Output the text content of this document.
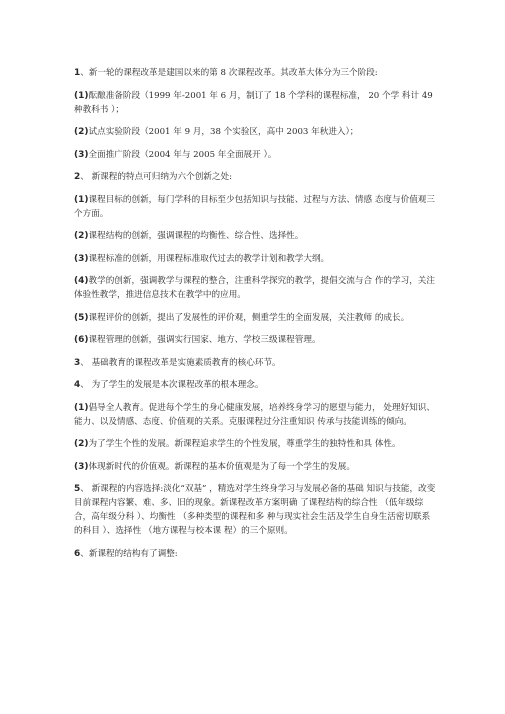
1、新一轮的课程改革是建国以来的第 8 次课程改革。其改革大体分为三个阶段:

(1)酝酿准备阶段（1999 年-2001 年 6 月，制订了 18 个学科的课程标准， 20 个学 科计 49 种教科书 ）；

(2)试点实验阶段（2001 年 9 月，38 个实验区，高中 2003 年秋进入）；

(3)全面推广阶段（2004 年与 2005 年全面展开 ）。

2、 新课程的特点可归纳为六个创新之处:

(1)课程目标的创新，每门学科的目标至少包括知识与技能、过程与方法、情感 态度与价值观三个方面。

(2)课程结构的创新，强调课程的均衡性、综合性、选择性。

(3)课程标准的创新，用课程标准取代过去的教学计划和教学大纲。

(4)教学的创新，强调教学与课程的整合，注重科学探究的教学，提倡交流与合 作的学习，关注体验性教学，推进信息技术在教学中的应用。

(5)课程评价的创新，提出了发展性的评价观，侧重学生的全面发展，关注教师 的成长。

(6)课程管理的创新，强调实行国家、地方、学校三级课程管理。

3、 基础教育的课程改革是实施素质教育的核心环节。

4、 为了学生的发展是本次课程改革的根本理念。

(1)倡导全人教育。促进每个学生的身心健康发展，培养终身学习的愿望与能力， 处理好知识、能力、以及情感、态度、价值观的关系。克服课程过分注重知识 传承与技能训练的倾向。

(2)为了学生个性的发展。新课程追求学生的个性发展，尊重学生的独特性和具 体性。

(3)体现新时代的价值观。新课程的基本价值观是为了每一个学生的发展。

5、 新课程的内容选择:淡化“双基” ，精选对学生终身学习与发展必备的基础 知识与技能，改变目前课程内容繁、难、多、旧的现象。新课程改革方案明确 了课程结构的综合性 （低年级综合，高年级分科 ）、均衡性 （多种类型的课程和多 种与现实社会生活及学生自身生活密切联系的科目 ）、选择性 （地方课程与校本课 程）的三个原则。

6、新课程的结构有了调整:
